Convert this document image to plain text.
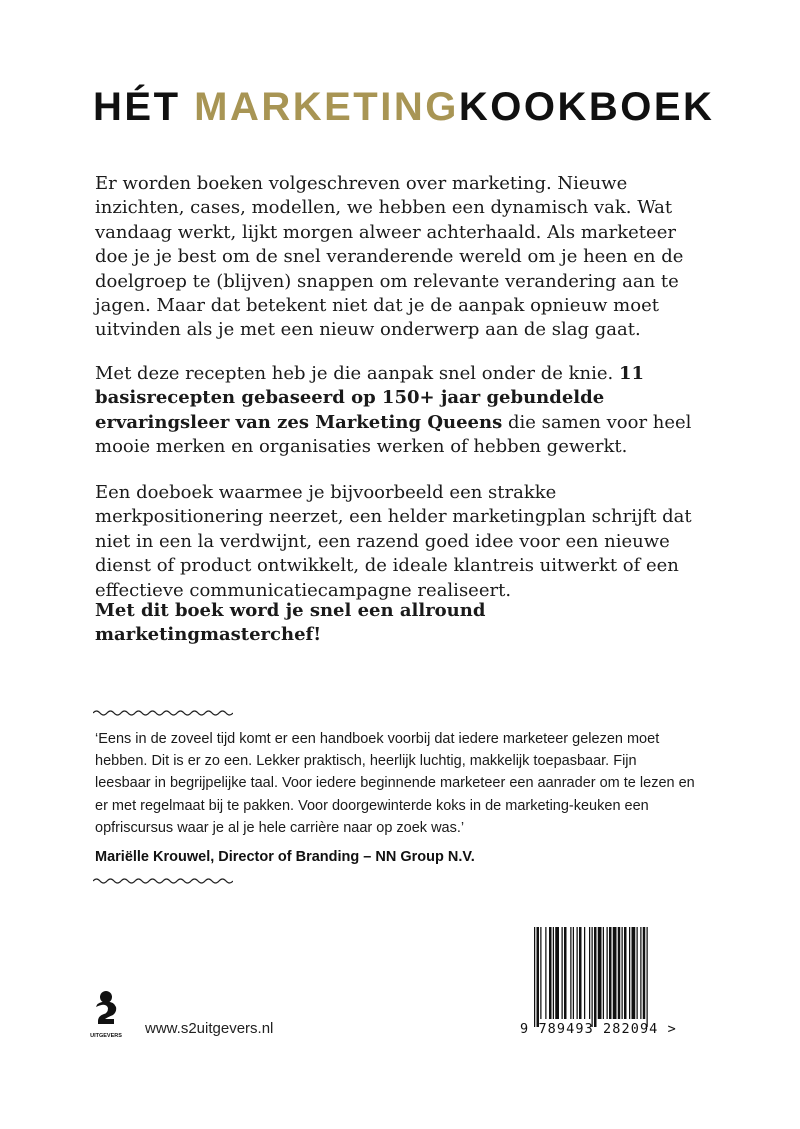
HÉT MARKETINGKOOKBOEK
Er worden boeken volgeschreven over marketing. Nieuwe inzichten, cases, modellen, we hebben een dynamisch vak. Wat vandaag werkt, lijkt morgen alweer achterhaald. Als marketeer doe je je best om de snel veranderende wereld om je heen en de doelgroep te (blijven) snappen om relevante verandering aan te jagen. Maar dat betekent niet dat je de aanpak opnieuw moet uitvinden als je met een nieuw onderwerp aan de slag gaat.
Met deze recepten heb je die aanpak snel onder de knie. 11 basisrecepten gebaseerd op 150+ jaar gebundelde ervaringsleer van zes Marketing Queens die samen voor heel mooie merken en organisaties werken of hebben gewerkt.
Een doeboek waarmee je bijvoorbeeld een strakke merkpositionering neerzet, een helder marketingplan schrijft dat niet in een la verdwijnt, een razend goed idee voor een nieuwe dienst of product ontwikkelt, de ideale klantreis uitwerkt of een effectieve communicatiecampagne realiseert.
Met dit boek word je snel een allround marketingmasterchef!
‘Eens in de zoveel tijd komt er een handboek voorbij dat iedere marketeer gelezen moet hebben. Dit is er zo een. Lekker praktisch, heerlijk luchtig, makkelijk toepasbaar. Fijn leesbaar in begrijpelijke taal. Voor iedere beginnende marketeer een aanrader om te lezen en er met regelmaat bij te pakken. Voor doorgewinterde koks in de marketing-keuken een opfriscursus waar je al je hele carrière naar op zoek was.’
Mariëlle Krouwel, Director of Branding – NN Group N.V.
UITGEVERS www.s2uitgevers.nl	9 789493 282094 >
